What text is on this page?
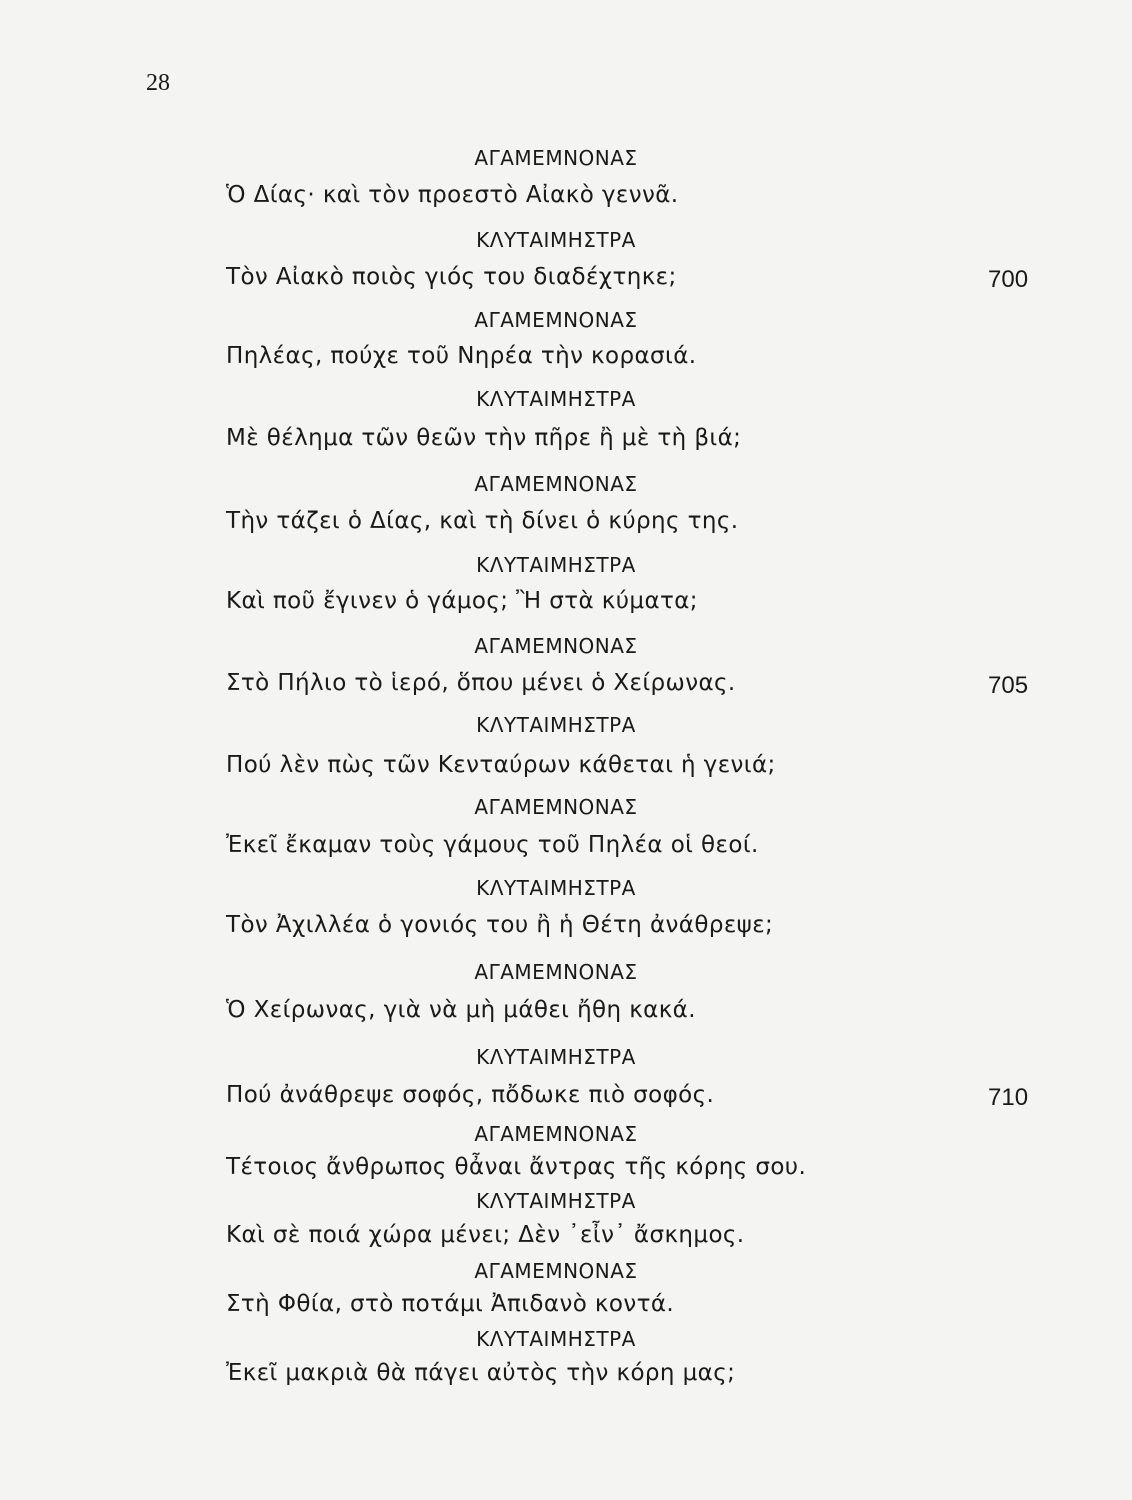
28
ΑΓΑΜΕΜΝΟΝΑΣ
Ὁ Δίας· καὶ τὸν προεστὸ Αἰακὸ γεννᾶ.
ΚΛΥΤΑΙΜΗΣΤΡΑ
Τὸν Αἰακὸ ποιὸς γιός του διαδέχτηκε;	700
ΑΓΑΜΕΜΝΟΝΑΣ
Πηλέας, πούχε τοῦ Νηρέα τὴν κορασιά.
ΚΛΥΤΑΙΜΗΣΤΡΑ
Μὲ θέλημα τῶν θεῶν τὴν πῆρε ἢ μὲ τὴ βιά;
ΑΓΑΜΕΜΝΟΝΑΣ
Τὴν τάζει ὁ Δίας, καὶ τὴ δίνει ὁ κύρης της.
ΚΛΥΤΑΙΜΗΣΤΡΑ
Καὶ ποῦ ἔγινεν ὁ γάμος; Ἢ στὰ κύματα;
ΑΓΑΜΕΜΝΟΝΑΣ
Στὸ Πήλιο τὸ ἱερό, ὅπου μένει ὁ Χείρωνας.	705
ΚΛΥΤΑΙΜΗΣΤΡΑ
Πού λὲν πὼς τῶν Κενταύρων κάθεται ἡ γενιά;
ΑΓΑΜΕΜΝΟΝΑΣ
Ἐκεῖ ἔκαμαν τοὺς γάμους τοῦ Πηλέα οἱ θεοί.
ΚΛΥΤΑΙΜΗΣΤΡΑ
Τὸν Ἀχιλλέα ὁ γονιός του ἢ ἡ Θέτη ἀνάθρεψε;
ΑΓΑΜΕΜΝΟΝΑΣ
Ὁ Χείρωνας, γιὰ νὰ μὴ μάθει ἤθη κακά.
ΚΛΥΤΑΙΜΗΣΤΡΑ
Πού ἀνάθρεψε σοφός, πὄδωκε πιὸ σοφός.	710
ΑΓΑΜΕΜΝΟΝΑΣ
Τέτοιος ἄνθρωπος θἆναι ἄντρας τῆς κόρης σου.
ΚΛΥΤΑΙΜΗΣΤΡΑ
Καὶ σὲ ποιά χώρα μένει; Δὲν ᾽εἶν᾽ ἄσκημος.
ΑΓΑΜΕΜΝΟΝΑΣ
Στὴ Φθία, στὸ ποτάμι Ἀπιδανὸ κοντά.
ΚΛΥΤΑΙΜΗΣΤΡΑ
Ἐκεῖ μακριὰ θὰ πάγει αὐτὸς τὴν κόρη μας;
